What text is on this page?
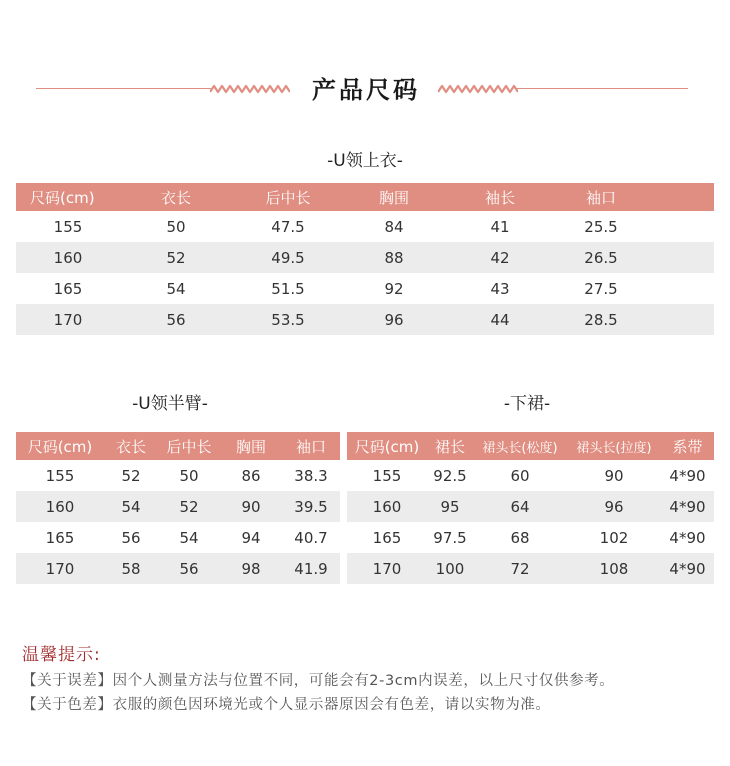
产品尺码
-U领上衣-
尺码(cm)	衣长	后中长	胸围	袖长	袖口	
155	50	47.5	84	41	25.5	
160	52	49.5	88	42	26.5	
165	54	51.5	92	43	27.5	
170	56	53.5	96	44	28.5	
-U领半臂-
尺码(cm)	衣长	后中长	胸围	袖口
155	52	50	86	38.3
160	54	52	90	39.5
165	56	54	94	40.7
170	58	56	98	41.9
-下裙-
尺码(cm)	裙长	裙头长(松度)	裙头长(拉度)	系带
155	92.5	60	90	4*90
160	95	64	96	4*90
165	97.5	68	102	4*90
170	100	72	108	4*90
温馨提示:
【关于误差】因个人测量方法与位置不同，可能会有2-3cm内误差，以上尺寸仅供参考。
【关于色差】衣服的颜色因环境光或个人显示器原因会有色差，请以实物为准。
